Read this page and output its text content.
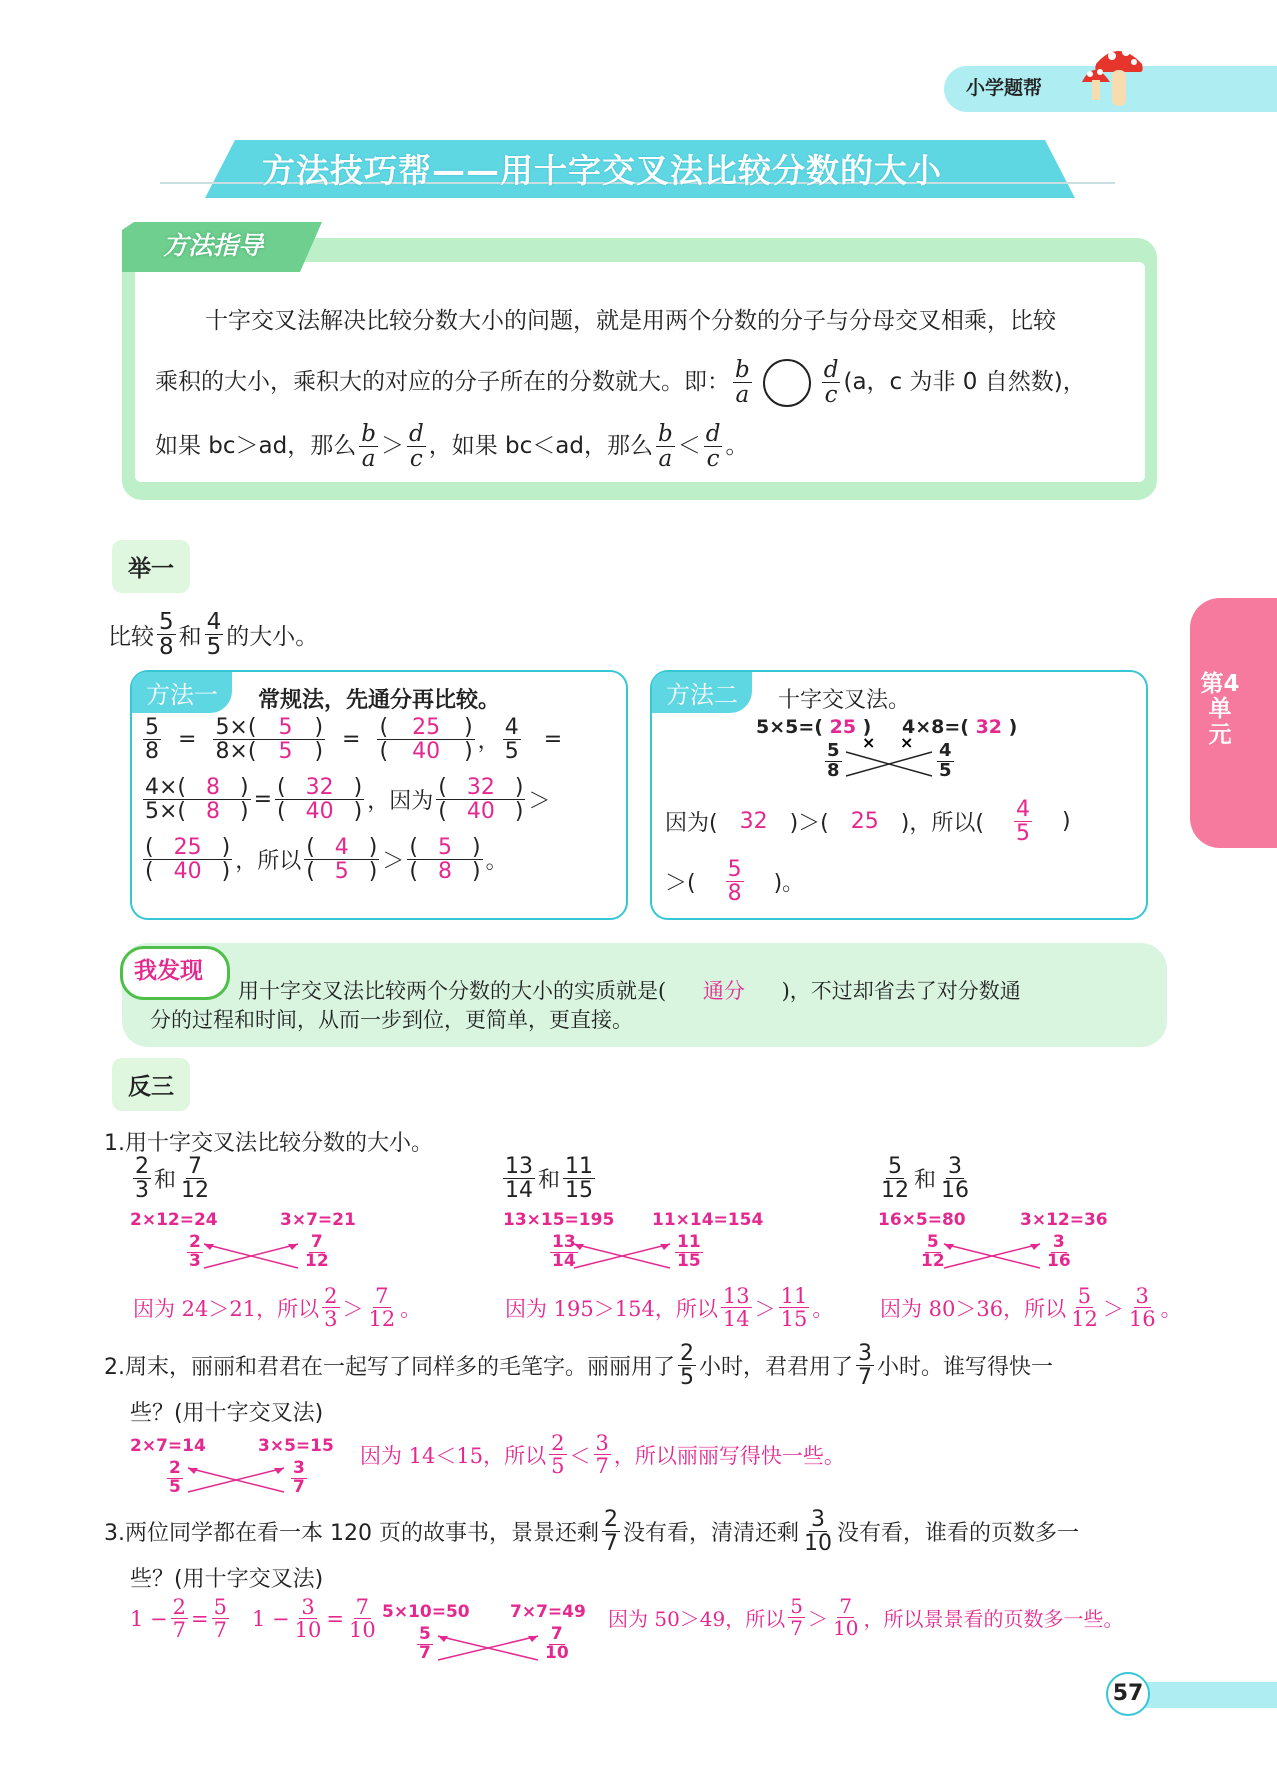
小学题帮
方法技巧帮——用十字交叉法比较分数的大小
方法指导
十字交叉法解决比较分数大小的问题，就是用两个分数的分子与分母交叉相乘，比较
乘积的大小，乘积大的对应的分子所在的分数就大。即： $\frac{b}{a}$	$\frac{d}{c} (a$，c 为非 0 自然数)，
如果 bc＞ad，那么 $\frac{b}{a} > \frac{d}{c}$ ，如果 bc＜ad，那么 $\frac{b}{a} < \frac{d}{c}$ 。
举一
比较 $\frac{5}{8}$ 和 $\frac{4}{5}$ 的大小。
方法一	常规法，先通分再比较。
$\frac{5}{8} = \frac{5\times( 5 )}{8\times( 5 )} = \frac{( 25 )}{( 40 )}$ ， $\frac{4}{5}$ =
$\frac{4\times( 8 )}{5\times( 8 )} = \frac{( 32 )}{( 40 )}$ ，因为 $\frac{( 32 )}{( 40 )}$ ＞
$\frac{( 25 )}{( 40 )}$ ，所以 $\frac{( 4 )}{( 5 )} > \frac{( 5 )}{( 8 )}$ 。
方法二	十字交叉法。
5×5=( 25 ) 4×8=( 32 )
$\frac{5}{8}$	$\frac{4}{5}$
× ×
因为( 32 )＞( 25 )，所以( $\frac{4}{5}$ )
＞( $\frac{5}{8}$ )。
我发现
用十字交叉法比较两个分数的大小的实质就是( 通分 )，不过却省去了对分数通
分的过程和时间，从而一步到位，更简单，更直接。
反三
1.用十字交叉法比较分数的大小。
$\frac{2}{3}$ 和 $\frac{7}{12}$
2×12=24	3×7=21
$\frac{2}{3}$	$\frac{7}{12}$
因为 24＞21，所以 $\frac{2}{3} > \frac{7}{12}$ 。
$\frac{13}{14}$ 和 $\frac{11}{15}$
13×15=195 11×14=154
$\frac{13}{14}$	$\frac{11}{15}$
因为 195＞154，所以 $\frac{13}{14} > \frac{11}{15}$ 。
$\frac{5}{12}$ 和 $\frac{3}{16}$
16×5=80	3×12=36
$\frac{5}{12}$	$\frac{3}{16}$
因为 80＞36，所以 $\frac{5}{12} > \frac{3}{16}$ 。
2.周末，丽丽和君君在一起写了同样多的毛笔字。丽丽用了 $\frac{2}{5}$ 小时，君君用了 $\frac{3}{7}$ 小时。谁写得快一
些？(用十字交叉法)
2×7=14	3×5=15
$\frac{2}{5}$	$\frac{3}{7}$
因为 14＜15，所以 $\frac{2}{5} < \frac{3}{7}$ ，所以丽丽写得快一些。
3.两位同学都在看一本 120 页的故事书，景景还剩 $\frac{2}{7}$ 没有看，清清还剩 $\frac{3}{10}$ 没有看，谁看的页数多一
些？(用十字交叉法)
$1 - \frac{2}{7} = \frac{5}{7} 1 - \frac{3}{10} = \frac{7}{10} 5\times 10=50$ 7×7=49
$\frac{5}{7}$	$\frac{7}{10}$
因为 50＞49，所以 $\frac{5}{7} > \frac{7}{10}$ ，所以景景看的页数多一些。
第4单元
57
